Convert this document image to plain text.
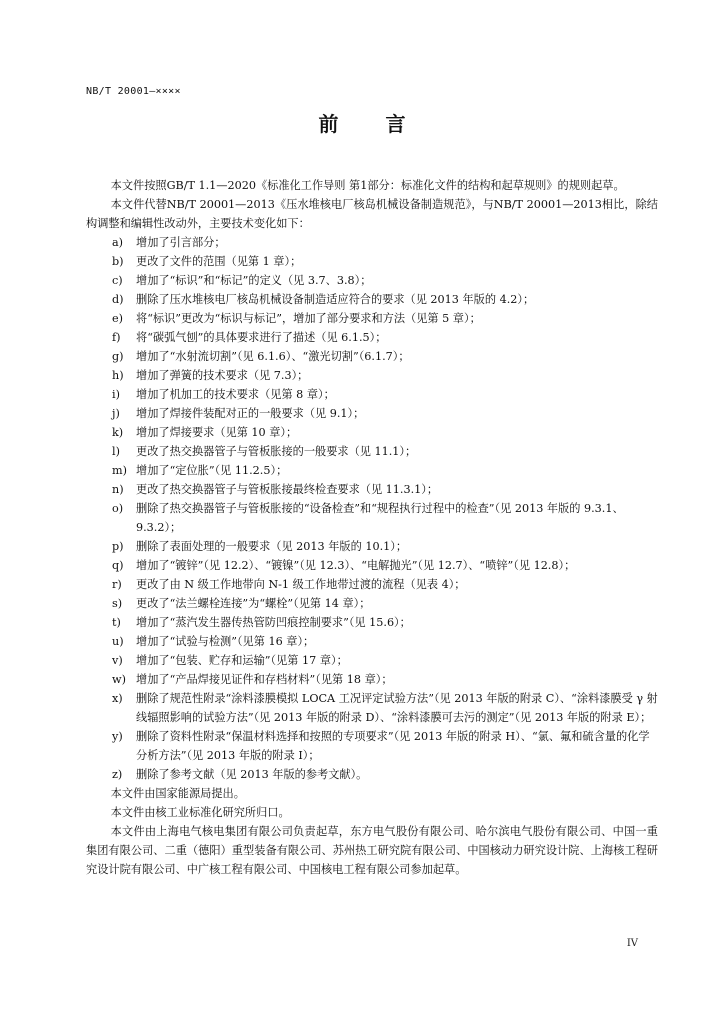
NB/T 20001—××××
前 言

本文件按照GB/T 1.1—2020《标准化工作导则 第1部分：标准化文件的结构和起草规则》的规则起草。

本文件代替NB/T 20001—2013《压水堆核电厂核岛机械设备制造规范》，与NB/T 20001—2013相比，除结构调整和编辑性改动外，主要技术变化如下：

a)	增加了引言部分；
b)	更改了文件的范围（见第 1 章）；
c)	增加了“标识”和“标记”的定义（见 3.7、3.8）；
d)	删除了压水堆核电厂核岛机械设备制造适应符合的要求（见 2013 年版的 4.2）；
e)	将“标识”更改为“标识与标记”，增加了部分要求和方法（见第 5 章）；
f)	将“碳弧气刨”的具体要求进行了描述（见 6.1.5）；
g)	增加了“水射流切割”（见 6.1.6）、“激光切割”（6.1.7）；
h)	增加了弹簧的技术要求（见 7.3）；
i)	增加了机加工的技术要求（见第 8 章）；
j)	增加了焊接件装配对正的一般要求（见 9.1）；
k)	增加了焊接要求（见第 10 章）；
l)	更改了热交换器管子与管板胀接的一般要求（见 11.1）；
m) 增加了“定位胀”（见 11.2.5）；
n)	更改了热交换器管子与管板胀接最终检查要求（见 11.3.1）；
o)	删除了热交换器管子与管板胀接的“设备检查”和“规程执行过程中的检查”（见 2013 年版的 9.3.1、9.3.2）；
p)	删除了表面处理的一般要求（见 2013 年版的 10.1）；
q)	增加了“镀锌”（见 12.2）、“镀镍”（见 12.3）、“电解抛光”（见 12.7）、“喷锌”（见 12.8）；
r)	更改了由 N 级工作地带向 N-1 级工作地带过渡的流程（见表 4）；
s)	更改了“法兰螺栓连接”为“螺栓”（见第 14 章）；
t)	增加了“蒸汽发生器传热管防凹痕控制要求”（见 15.6）；
u)	增加了“试验与检测”（见第 16 章）；
v)	增加了“包装、贮存和运输”（见第 17 章）；
w) 增加了“产品焊接见证件和存档材料”（见第 18 章）；
x)	删除了规范性附录“涂料漆膜模拟 LOCA 工况评定试验方法”（见 2013 年版的附录 C）、“涂料漆膜受 γ 射线辐照影响的试验方法”（见 2013 年版的附录 D）、“涂料漆膜可去污的测定”（见 2013 年版的附录 E）；
y)	删除了资料性附录“保温材料选择和按照的专项要求”（见 2013 年版的附录 H）、“氯、氟和硫含量的化学分析方法”（见 2013 年版的附录 I）；
z)	删除了参考文献（见 2013 年版的参考文献）。

本文件由国家能源局提出。

本文件由核工业标准化研究所归口。

本文件由上海电气核电集团有限公司负责起草，东方电气股份有限公司、哈尔滨电气股份有限公司、中国一重集团有限公司、二重（德阳）重型装备有限公司、苏州热工研究院有限公司、中国核动力研究设计院、上海核工程研究设计院有限公司、中广核工程有限公司、中国核电工程有限公司参加起草。

IV
